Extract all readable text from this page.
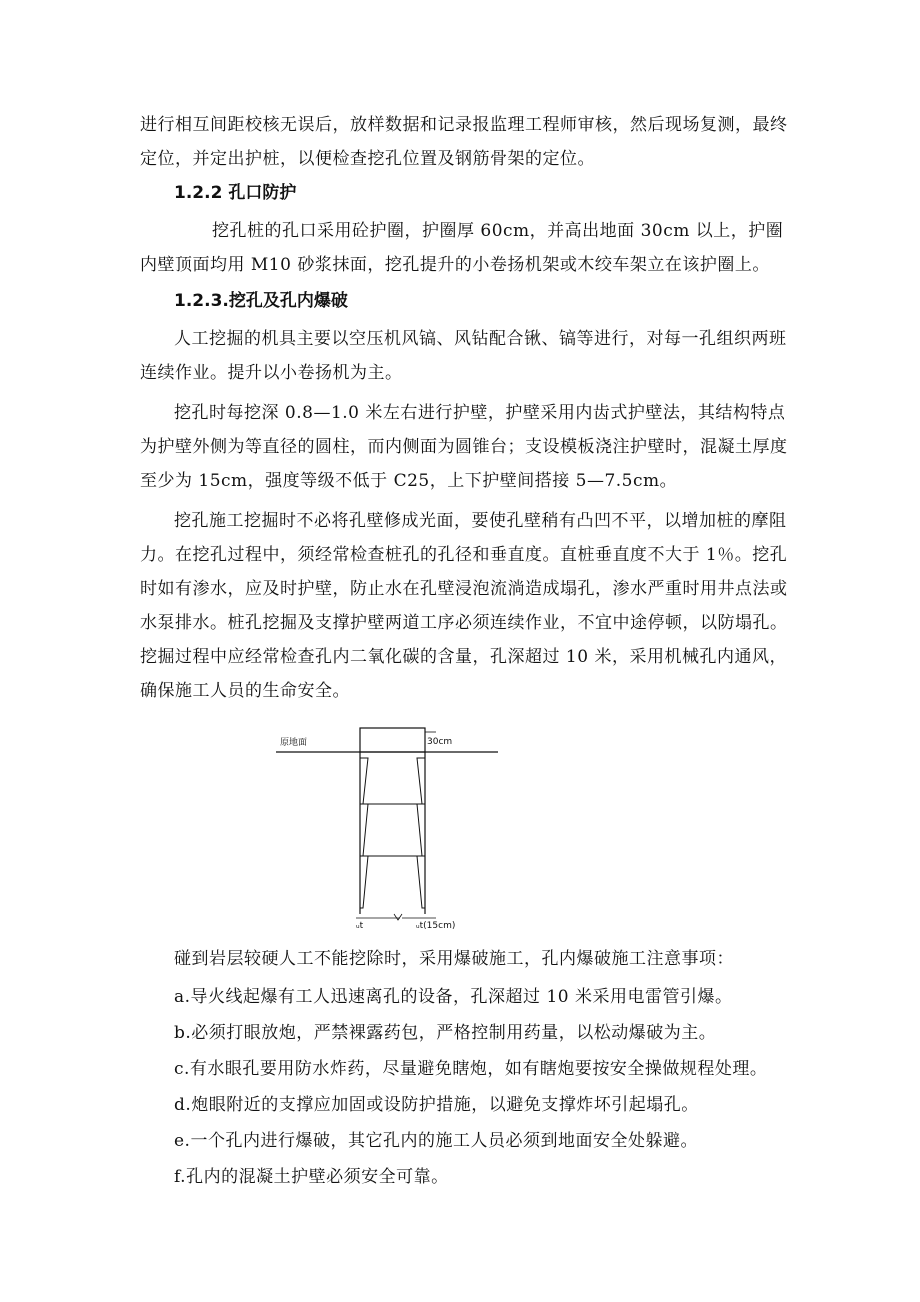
进行相互间距校核无误后，放样数据和记录报监理工程师审核，然后现场复测，最终定位，并定出护桩，以便检查挖孔位置及钢筋骨架的定位。

1.2.2 孔口防护

挖孔桩的孔口采用砼护圈，护圈厚 60cm，并高出地面 30cm 以上，护圈内壁顶面均用 M10 砂浆抹面，挖孔提升的小卷扬机架或木绞车架立在该护圈上。

1.2.3.挖孔及孔内爆破

人工挖掘的机具主要以空压机风镐、风钻配合锹、镐等进行，对每一孔组织两班连续作业。提升以小卷扬机为主。

挖孔时每挖深 0.8—1.0 米左右进行护壁，护壁采用内齿式护壁法，其结构特点为护壁外侧为等直径的圆柱，而内侧面为圆锥台；支设模板浇注护壁时，混凝土厚度至少为 15cm，强度等级不低于 C25，上下护壁间搭接 5—7.5cm。

挖孔施工挖掘时不必将孔壁修成光面，要使孔壁稍有凸凹不平，以增加桩的摩阻力。在挖孔过程中，须经常检查桩孔的孔径和垂直度。直桩垂直度不大于 1％。挖孔时如有渗水，应及时护壁，防止水在孔壁浸泡流淌造成塌孔，渗水严重时用井点法或水泵排水。桩孔挖掘及支撑护壁两道工序必须连续作业，不宜中途停顿，以防塌孔。挖掘过程中应经常检查孔内二氧化碳的含量，孔深超过 10 米，采用机械孔内通风，确保施工人员的生命安全。

原地面	30cm
ᵤt	ᵤt(15cm)

碰到岩层较硬人工不能挖除时，采用爆破施工，孔内爆破施工注意事项：

a.导火线起爆有工人迅速离孔的设备，孔深超过 10 米采用电雷管引爆。

b.必须打眼放炮，严禁裸露药包，严格控制用药量，以松动爆破为主。

c.有水眼孔要用防水炸药，尽量避免瞎炮，如有瞎炮要按安全操做规程处理。

d.炮眼附近的支撑应加固或设防护措施，以避免支撑炸坏引起塌孔。

e.一个孔内进行爆破，其它孔内的施工人员必须到地面安全处躲避。

f.孔内的混凝土护壁必须安全可靠。
